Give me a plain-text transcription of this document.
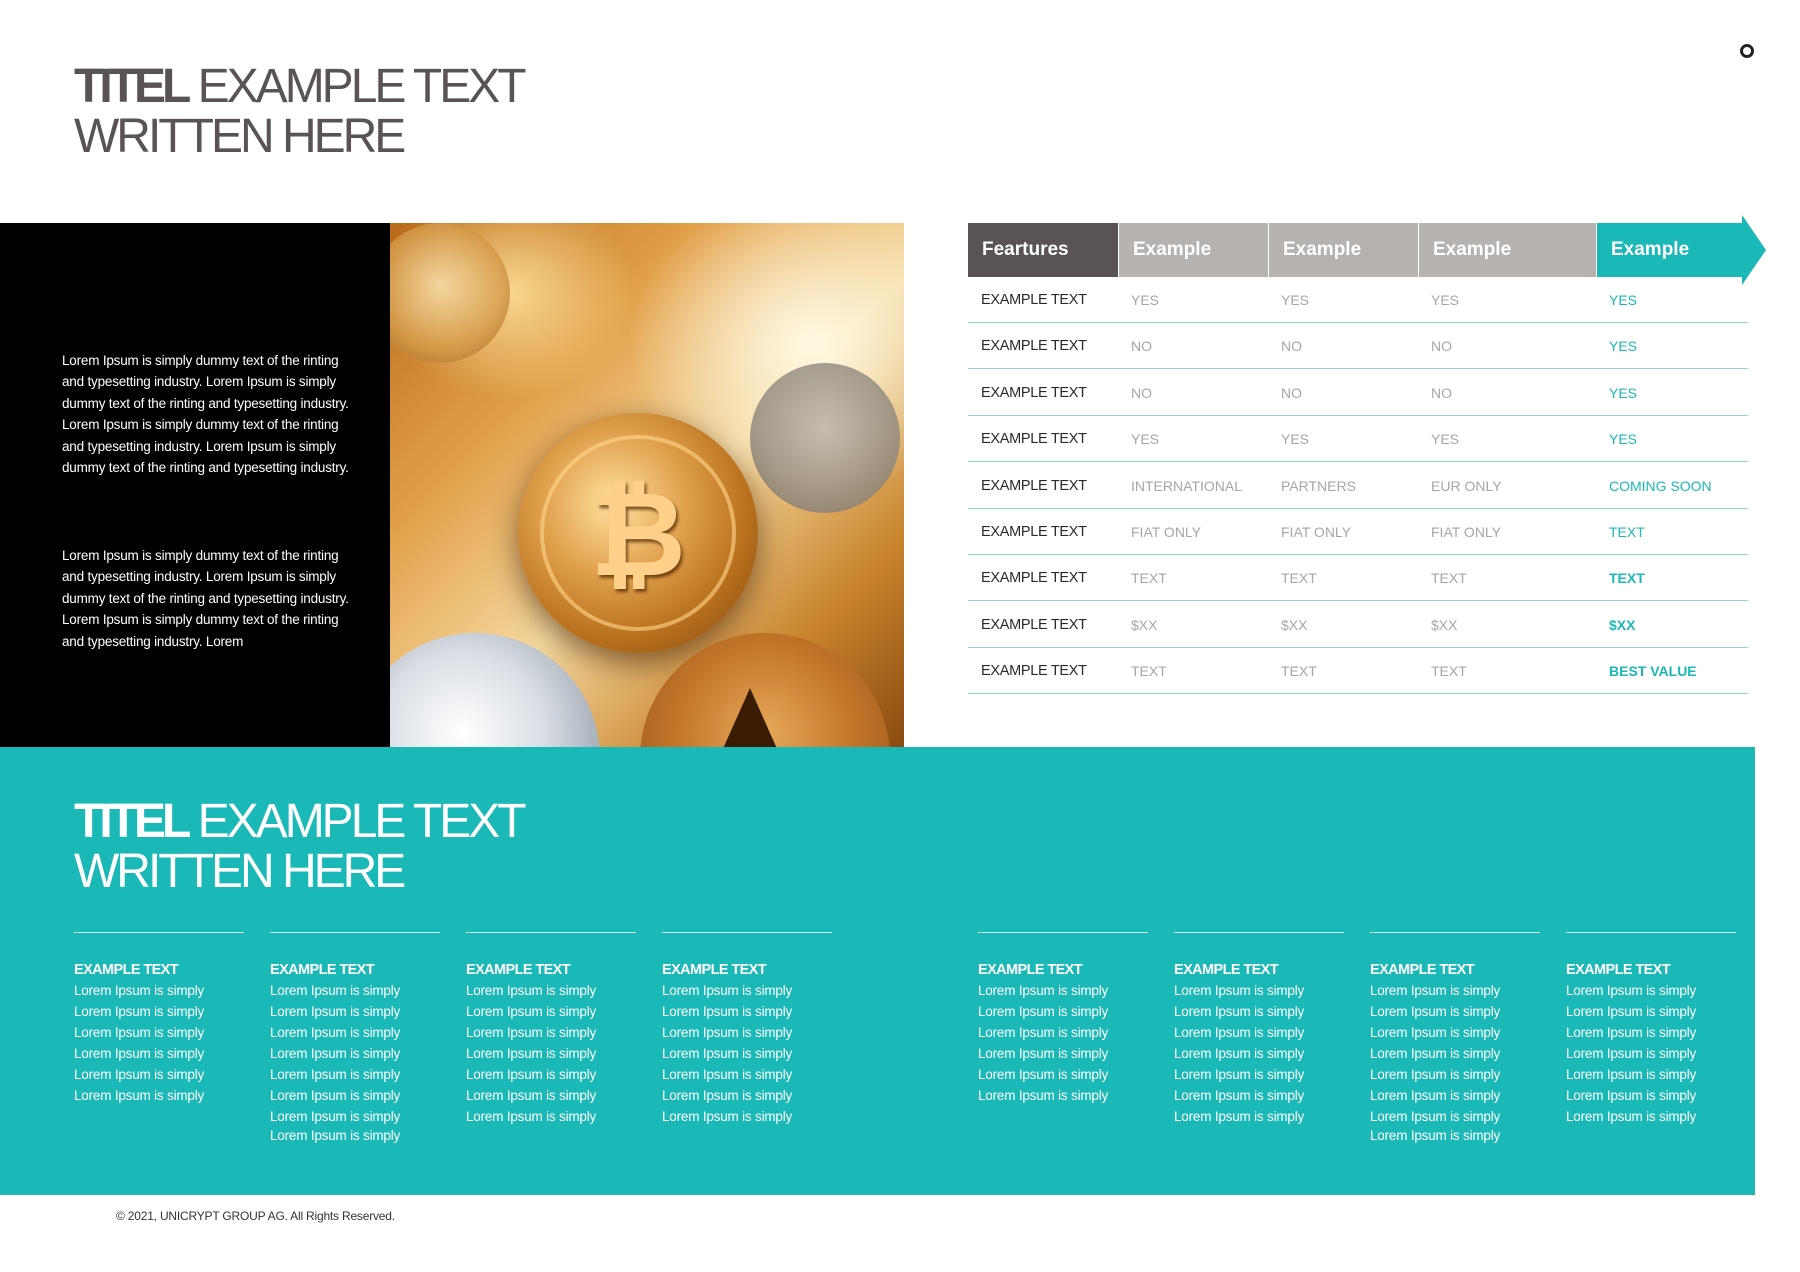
TITEL EXAMPLE TEXT
WRITTEN HERE
Lorem Ipsum is simply dummy text of the rinting and typesetting industry. Lorem Ipsum is simply dummy text of the rinting and typesetting industry. Lorem Ipsum is simply dummy text of the rinting and typesetting industry. Lorem Ipsum is simply dummy text of the rinting and typesetting industry.
Lorem Ipsum is simply dummy text of the rinting and typesetting industry. Lorem Ipsum is simply dummy text of the rinting and typesetting industry. Lorem Ipsum is simply dummy text of the rinting and typesetting industry. Lorem
₿
Feartures	Example	Example	Example	Example
EXAMPLE TEXT	YES	YES	YES	YES
EXAMPLE TEXT	NO	NO	NO	YES
EXAMPLE TEXT	NO	NO	NO	YES
EXAMPLE TEXT	YES	YES	YES	YES
EXAMPLE TEXT	INTERNATIONAL	PARTNERS	EUR ONLY	COMING SOON
EXAMPLE TEXT	FIAT ONLY	FIAT ONLY	FIAT ONLY	TEXT
EXAMPLE TEXT	TEXT	TEXT	TEXT	TEXT
EXAMPLE TEXT	$XX	$XX	$XX	$XX
EXAMPLE TEXT	TEXT	TEXT	TEXT	BEST VALUE
TITEL EXAMPLE TEXT
WRITTEN HERE
EXAMPLE TEXT
Lorem Ipsum is simply
Lorem Ipsum is simply
Lorem Ipsum is simply
Lorem Ipsum is simply
Lorem Ipsum is simply
Lorem Ipsum is simply
EXAMPLE TEXT
Lorem Ipsum is simply
Lorem Ipsum is simply
Lorem Ipsum is simply
Lorem Ipsum is simply
Lorem Ipsum is simply
Lorem Ipsum is simply
Lorem Ipsum is simply
Lorem Ipsum is simply
EXAMPLE TEXT
Lorem Ipsum is simply
Lorem Ipsum is simply
Lorem Ipsum is simply
Lorem Ipsum is simply
Lorem Ipsum is simply
Lorem Ipsum is simply
Lorem Ipsum is simply
EXAMPLE TEXT
Lorem Ipsum is simply
Lorem Ipsum is simply
Lorem Ipsum is simply
Lorem Ipsum is simply
Lorem Ipsum is simply
Lorem Ipsum is simply
Lorem Ipsum is simply
EXAMPLE TEXT
Lorem Ipsum is simply
Lorem Ipsum is simply
Lorem Ipsum is simply
Lorem Ipsum is simply
Lorem Ipsum is simply
Lorem Ipsum is simply
EXAMPLE TEXT
Lorem Ipsum is simply
Lorem Ipsum is simply
Lorem Ipsum is simply
Lorem Ipsum is simply
Lorem Ipsum is simply
Lorem Ipsum is simply
Lorem Ipsum is simply
EXAMPLE TEXT
Lorem Ipsum is simply
Lorem Ipsum is simply
Lorem Ipsum is simply
Lorem Ipsum is simply
Lorem Ipsum is simply
Lorem Ipsum is simply
Lorem Ipsum is simply
Lorem Ipsum is simply
EXAMPLE TEXT
Lorem Ipsum is simply
Lorem Ipsum is simply
Lorem Ipsum is simply
Lorem Ipsum is simply
Lorem Ipsum is simply
Lorem Ipsum is simply
Lorem Ipsum is simply
© 2021, UNICRYPT GROUP AG. All Rights Reserved.
